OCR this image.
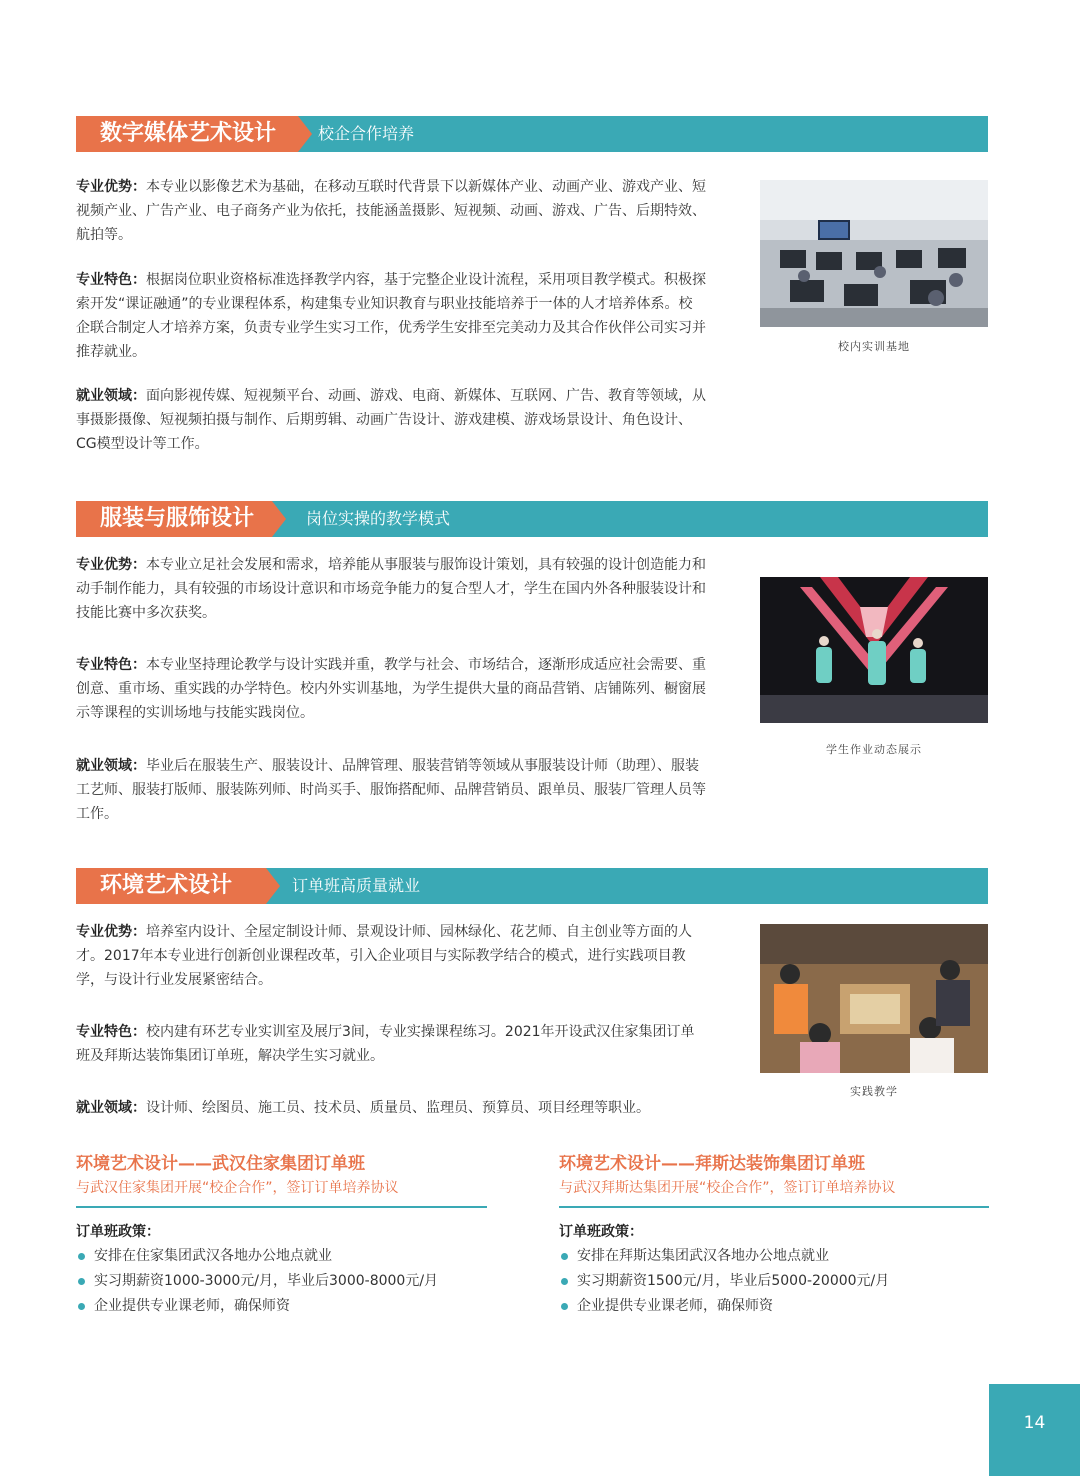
数字媒体艺术设计	校企合作培养
专业优势：本专业以影像艺术为基础，在移动互联时代背景下以新媒体产业、动画产业、游戏产业、短视频产业、广告产业、电子商务产业为依托，技能涵盖摄影、短视频、动画、游戏、广告、后期特效、航拍等。
专业特色：根据岗位职业资格标准选择教学内容，基于完整企业设计流程，采用项目教学模式。积极探索开发“课证融通”的专业课程体系，构建集专业知识教育与职业技能培养于一体的人才培养体系。校企联合制定人才培养方案，负责专业学生实习工作，优秀学生安排至完美动力及其合作伙伴公司实习并推荐就业。
就业领域：面向影视传媒、短视频平台、动画、游戏、电商、新媒体、互联网、广告、教育等领域，从事摄影摄像、短视频拍摄与制作、后期剪辑、动画广告设计、游戏建模、游戏场景设计、角色设计、CG模型设计等工作。
校内实训基地
服装与服饰设计	岗位实操的教学模式
专业优势：本专业立足社会发展和需求，培养能从事服装与服饰设计策划，具有较强的设计创造能力和动手制作能力，具有较强的市场设计意识和市场竞争能力的复合型人才，学生在国内外各种服装设计和技能比赛中多次获奖。
专业特色：本专业坚持理论教学与设计实践并重，教学与社会、市场结合，逐渐形成适应社会需要、重创意、重市场、重实践的办学特色。校内外实训基地，为学生提供大量的商品营销、店铺陈列、橱窗展示等课程的实训场地与技能实践岗位。
就业领域：毕业后在服装生产、服装设计、品牌管理、服装营销等领域从事服装设计师（助理）、服装工艺师、服装打版师、服装陈列师、时尚买手、服饰搭配师、品牌营销员、跟单员、服装厂管理人员等工作。
学生作业动态展示
环境艺术设计	订单班高质量就业
专业优势：培养室内设计、全屋定制设计师、景观设计师、园林绿化、花艺师、自主创业等方面的人才。2017年本专业进行创新创业课程改革，引入企业项目与实际教学结合的模式，进行实践项目教学，与设计行业发展紧密结合。
专业特色：校内建有环艺专业实训室及展厅3间，专业实操课程练习。2021年开设武汉住家集团订单班及拜斯达装饰集团订单班，解决学生实习就业。
就业领域：设计师、绘图员、施工员、技术员、质量员、监理员、预算员、项目经理等职业。
实践教学
环境艺术设计——武汉住家集团订单班
与武汉住家集团开展“校企合作”，签订订单培养协议
订单班政策：
安排在住家集团武汉各地办公地点就业
实习期薪资1000-3000元/月，毕业后3000-8000元/月
企业提供专业课老师，确保师资
环境艺术设计——拜斯达装饰集团订单班
与武汉拜斯达集团开展“校企合作”，签订订单培养协议
订单班政策：
安排在拜斯达集团武汉各地办公地点就业
实习期薪资1500元/月，毕业后5000-20000元/月
企业提供专业课老师，确保师资
14
